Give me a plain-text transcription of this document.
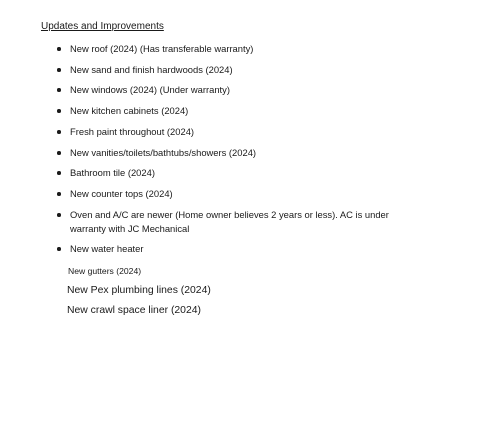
Updates and Improvements
New roof (2024) (Has transferable warranty)
New sand and finish hardwoods (2024)
New windows (2024) (Under warranty)
New kitchen cabinets (2024)
Fresh paint throughout (2024)
New vanities/toilets/bathtubs/showers (2024)
Bathroom tile (2024)
New counter tops (2024)
Oven and A/C are newer (Home owner believes 2 years or less). AC is under warranty with JC Mechanical
New water heater
New gutters (2024)
New Pex plumbing lines (2024)
New crawl space liner (2024)
